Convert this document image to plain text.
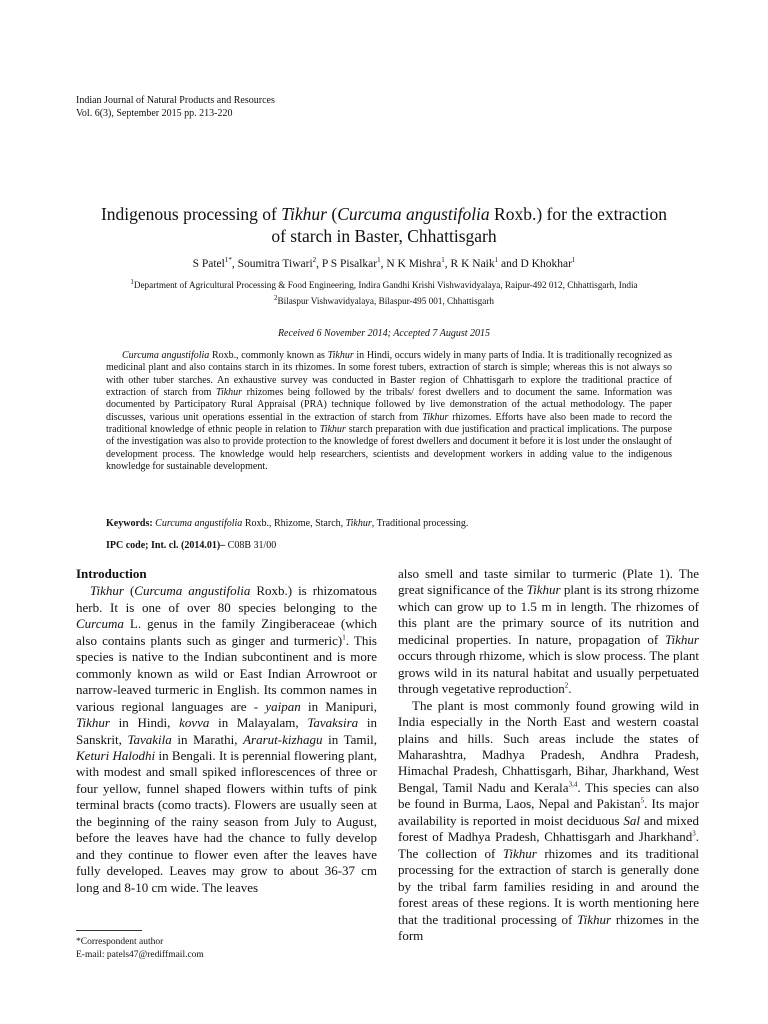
Indian Journal of Natural Products and Resources
Vol. 6(3), September 2015 pp. 213-220
Indigenous processing of Tikhur (Curcuma angustifolia Roxb.) for the extraction
of starch in Baster, Chhattisgarh
S Patel$^{1*}$, Soumitra Tiwari$^2$, P S Pisalkar$^1$, N K Mishra$^1$, R K Naik$^1$ and D Khokhar$^1$
$^1$Department of Agricultural Processing & Food Engineering, Indira Gandhi Krishi Vishwavidyalaya, Raipur-492 012, Chhattisgarh, India
$^2$Bilaspur Vishwavidyalaya, Bilaspur-495 001, Chhattisgarh
Received 6 November 2014; Accepted 7 August 2015
Curcuma angustifolia Roxb., commonly known as Tikhur in Hindi, occurs widely in many parts of India. It is traditionally recognized as medicinal plant and also contains starch in its rhizomes. In some forest tubers, extraction of starch is simple; whereas this is not always so with other tuber starches. An exhaustive survey was conducted in Baster region of Chhattisgarh to explore the traditional practice of extraction of starch from Tikhur rhizomes being followed by the tribals/ forest dwellers and to document the same. Information was documented by Participatory Rural Appraisal (PRA) technique followed by live demonstration of the actual methodology. The paper discusses, various unit operations essential in the extraction of starch from Tikhur rhizomes. Efforts have also been made to record the traditional knowledge of ethnic people in relation to Tikhur starch preparation with due justification and practical implications. The purpose of the investigation was also to provide protection to the knowledge of forest dwellers and document it before it is lost under the onslaught of development process. The knowledge would help researchers, scientists and development workers in adding value to the indigenous knowledge for sustainable development.
Keywords: Curcuma angustifolia Roxb., Rhizome, Starch, Tikhur, Traditional processing.
IPC code; Int. cl. (2014.01)– C08B 31/00
Introduction

Tikhur (Curcuma angustifolia Roxb.) is rhizomatous herb. It is one of over 80 species belonging to the Curcuma L. genus in the family Zingiberaceae (which also contains plants such as ginger and turmeric)$^1$. This species is native to the Indian subcontinent and is more commonly known as wild or East Indian Arrowroot or narrow-leaved turmeric in English. Its common names in various regional languages are - yaipan in Manipuri, Tikhur in Hindi, kovva in Malayalam, Tavaksira in Sanskrit, Tavakila in Marathi, Ararut-kizhagu in Tamil, Keturi Halodhi in Bengali. It is perennial flowering plant, with modest and small spiked inflorescences of three or four yellow, funnel shaped flowers within tufts of pink terminal bracts (como tracts). Flowers are usually seen at the beginning of the rainy season from July to August, before the leaves have had the chance to fully develop and they continue to flower even after the leaves have fully developed. Leaves may grow to about 36-37 cm long and 8-10 cm wide. The leaves

also smell and taste similar to turmeric (Plate 1). The great significance of the Tikhur plant is its strong rhizome which can grow up to 1.5 m in length. The rhizomes of this plant are the primary source of its nutrition and medicinal properties. In nature, propagation of Tikhur occurs through rhizome, which is slow process. The plant grows wild in its natural habitat and usually perpetuated through vegetative reproduction$^2$.

The plant is most commonly found growing wild in India especially in the North East and western coastal plains and hills. Such areas include the states of Maharashtra, Madhya Pradesh, Andhra Pradesh, Himachal Pradesh, Chhattisgarh, Bihar, Jharkhand, West Bengal, Tamil Nadu and Kerala$^{3,4}$. This species can also be found in Burma, Laos, Nepal and Pakistan$^5$. Its major availability is reported in moist deciduous Sal and mixed forest of Madhya Pradesh, Chhattisgarh and Jharkhand$^3$. The collection of Tikhur rhizomes and its traditional processing for the extraction of starch is generally done by the tribal farm families residing in and around the forest areas of these regions. It is worth mentioning here that the traditional processing of Tikhur rhizomes in the form

*Correspondent author
E-mail: patels47@rediffmail.com
